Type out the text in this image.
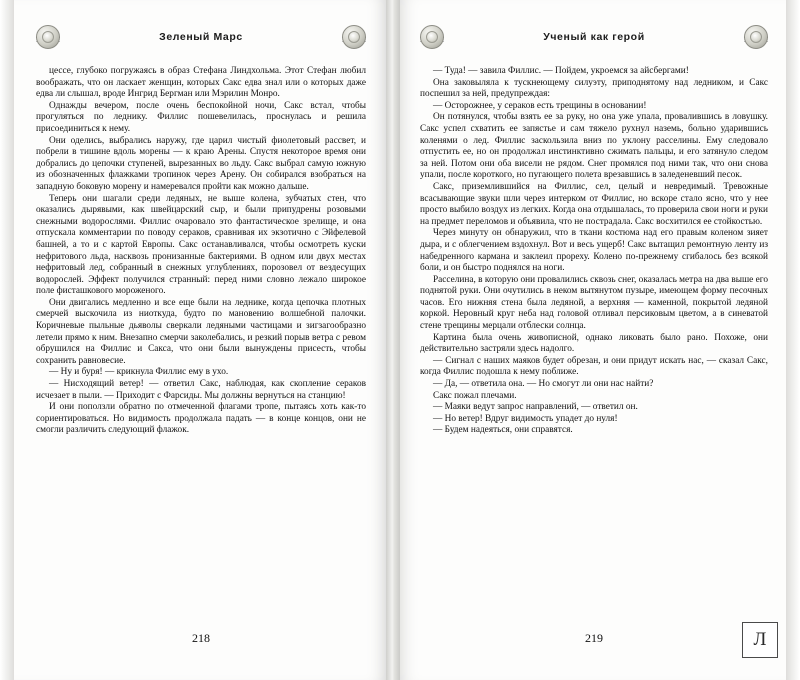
Зеленый Марс

цессе, глубоко погружаясь в образ Стефана Линдхольма. Этот Стефан любил воображать, что он ласкает женщин, которых Сакс едва знал или о которых даже едва ли слышал, вроде Ингрид Бергман или Мэрилин Монро.

Однажды вечером, после очень беспокойной ночи, Сакс встал, чтобы прогуляться по леднику. Филлис пошевелилась, проснулась и решила присоединиться к нему.

Они оделись, выбрались наружу, где царил чистый фиолетовый рассвет, и побрели в тишине вдоль морены — к краю Арены. Спустя некоторое время они добрались до цепочки ступеней, вырезанных во льду. Сакс выбрал самую южную из обозначенных флажками тропинок через Арену. Он собирался взобраться на западную боковую морену и намеревался пройти как можно дальше.

Теперь они шагали среди ледяных, не выше колена, зубчатых стен, что оказались дырявыми, как швейцарский сыр, и были припудрены розовыми снежными водорослями. Филлис очаровало это фантастическое зрелище, и она отпускала комментарии по поводу сераков, сравнивая их экзотично с Эйфелевой башней, а то и с картой Европы. Сакс останавливался, чтобы осмотреть куски нефритового льда, насквозь пронизанные бактериями. В одном или двух местах нефритовый лед, собранный в снежных углублениях, порозовел от вездесущих водорослей. Эффект получился странный: перед ними словно лежало широкое поле фисташкового мороженого.

Они двигались медленно и все еще были на леднике, когда цепочка плотных смерчей выскочила из ниоткуда, будто по мановению волшебной палочки. Коричневые пыльные дьяволы сверкали ледяными частицами и зигзагообразно летели прямо к ним. Внезапно смерчи заколебались, и резкий порыв ветра с ревом обрушился на Филлис и Сакса, что они были вынуждены присесть, чтобы сохранить равновесие.

— Ну и буря! — крикнула Филлис ему в ухо.

— Нисходящий ветер! — ответил Сакс, наблюдая, как скопление сераков исчезает в пыли. — Приходит с Фарсиды. Мы должны вернуться на станцию!

И они поползли обратно по отмеченной флагами тропе, пытаясь хоть как-то сориентироваться. Но видимость продолжала падать — в конце концов, они не смогли различить следующий флажок.

218
Ученый как герой

— Туда! — завила Филлис. — Пойдем, укроемся за айсбергами!

Она заковыляла к тускнеющему силуэту, приподнятому над ледником, и Сакс поспешил за ней, предупреждая:

— Осторожнее, у сераков есть трещины в основании!

Он потянулся, чтобы взять ее за руку, но она уже упала, провалившись в ловушку. Сакс успел схватить ее запястье и сам тяжело рухнул наземь, больно ударившись коленями о лед. Филлис заскользила вниз по уклону расселины. Ему следовало отпустить ее, но он продолжал инстинктивно сжимать пальцы, и его затянуло следом за ней. Потом они оба висели не рядом. Снег промялся под ними так, что они снова упали, после короткого, но пугающего полета врезавшись в заледеневший песок.

Сакс, приземлившийся на Филлис, сел, целый и невредимый. Тревожные всасывающие звуки шли через интерком от Филлис, но вскоре стало ясно, что у нее просто выбило воздух из легких. Когда она отдышалась, то проверила свои ноги и руки на предмет переломов и объявила, что не пострадала. Сакс восхитился ее стойкостью.

Через минуту он обнаружил, что в ткани костюма над его правым коленом зияет дыра, и с облегчением вздохнул. Вот и весь ущерб! Сакс вытащил ремонтную ленту из набедренного кармана и заклеил прореху. Колено по-прежнему сгибалось без всякой боли, и он быстро поднялся на ноги.

Расселина, в которую они провалились сквозь снег, оказалась метра на два выше его поднятой руки. Они очутились в неком вытянутом пузыре, имеющем форму песочных часов. Его нижняя стена была ледяной, а верхняя — каменной, покрытой ледяной коркой. Неровный круг неба над головой отливал персиковым цветом, а в синеватой стене трещины мерцали отблески солнца.

Картина была очень живописной, однако ликовать было рано. Похоже, они действительно застряли здесь надолго.

— Сигнал с наших маяков будет обрезан, и они придут искать нас, — сказал Сакс, когда Филлис подошла к нему поближе.

— Да, — ответила она. — Но смогут ли они нас найти?

Сакс пожал плечами.

— Маяки ведут запрос направлений, — ответил он.

— Но ветер! Вдруг видимость упадет до нуля!

— Будем надеяться, они справятся.

219	Л
